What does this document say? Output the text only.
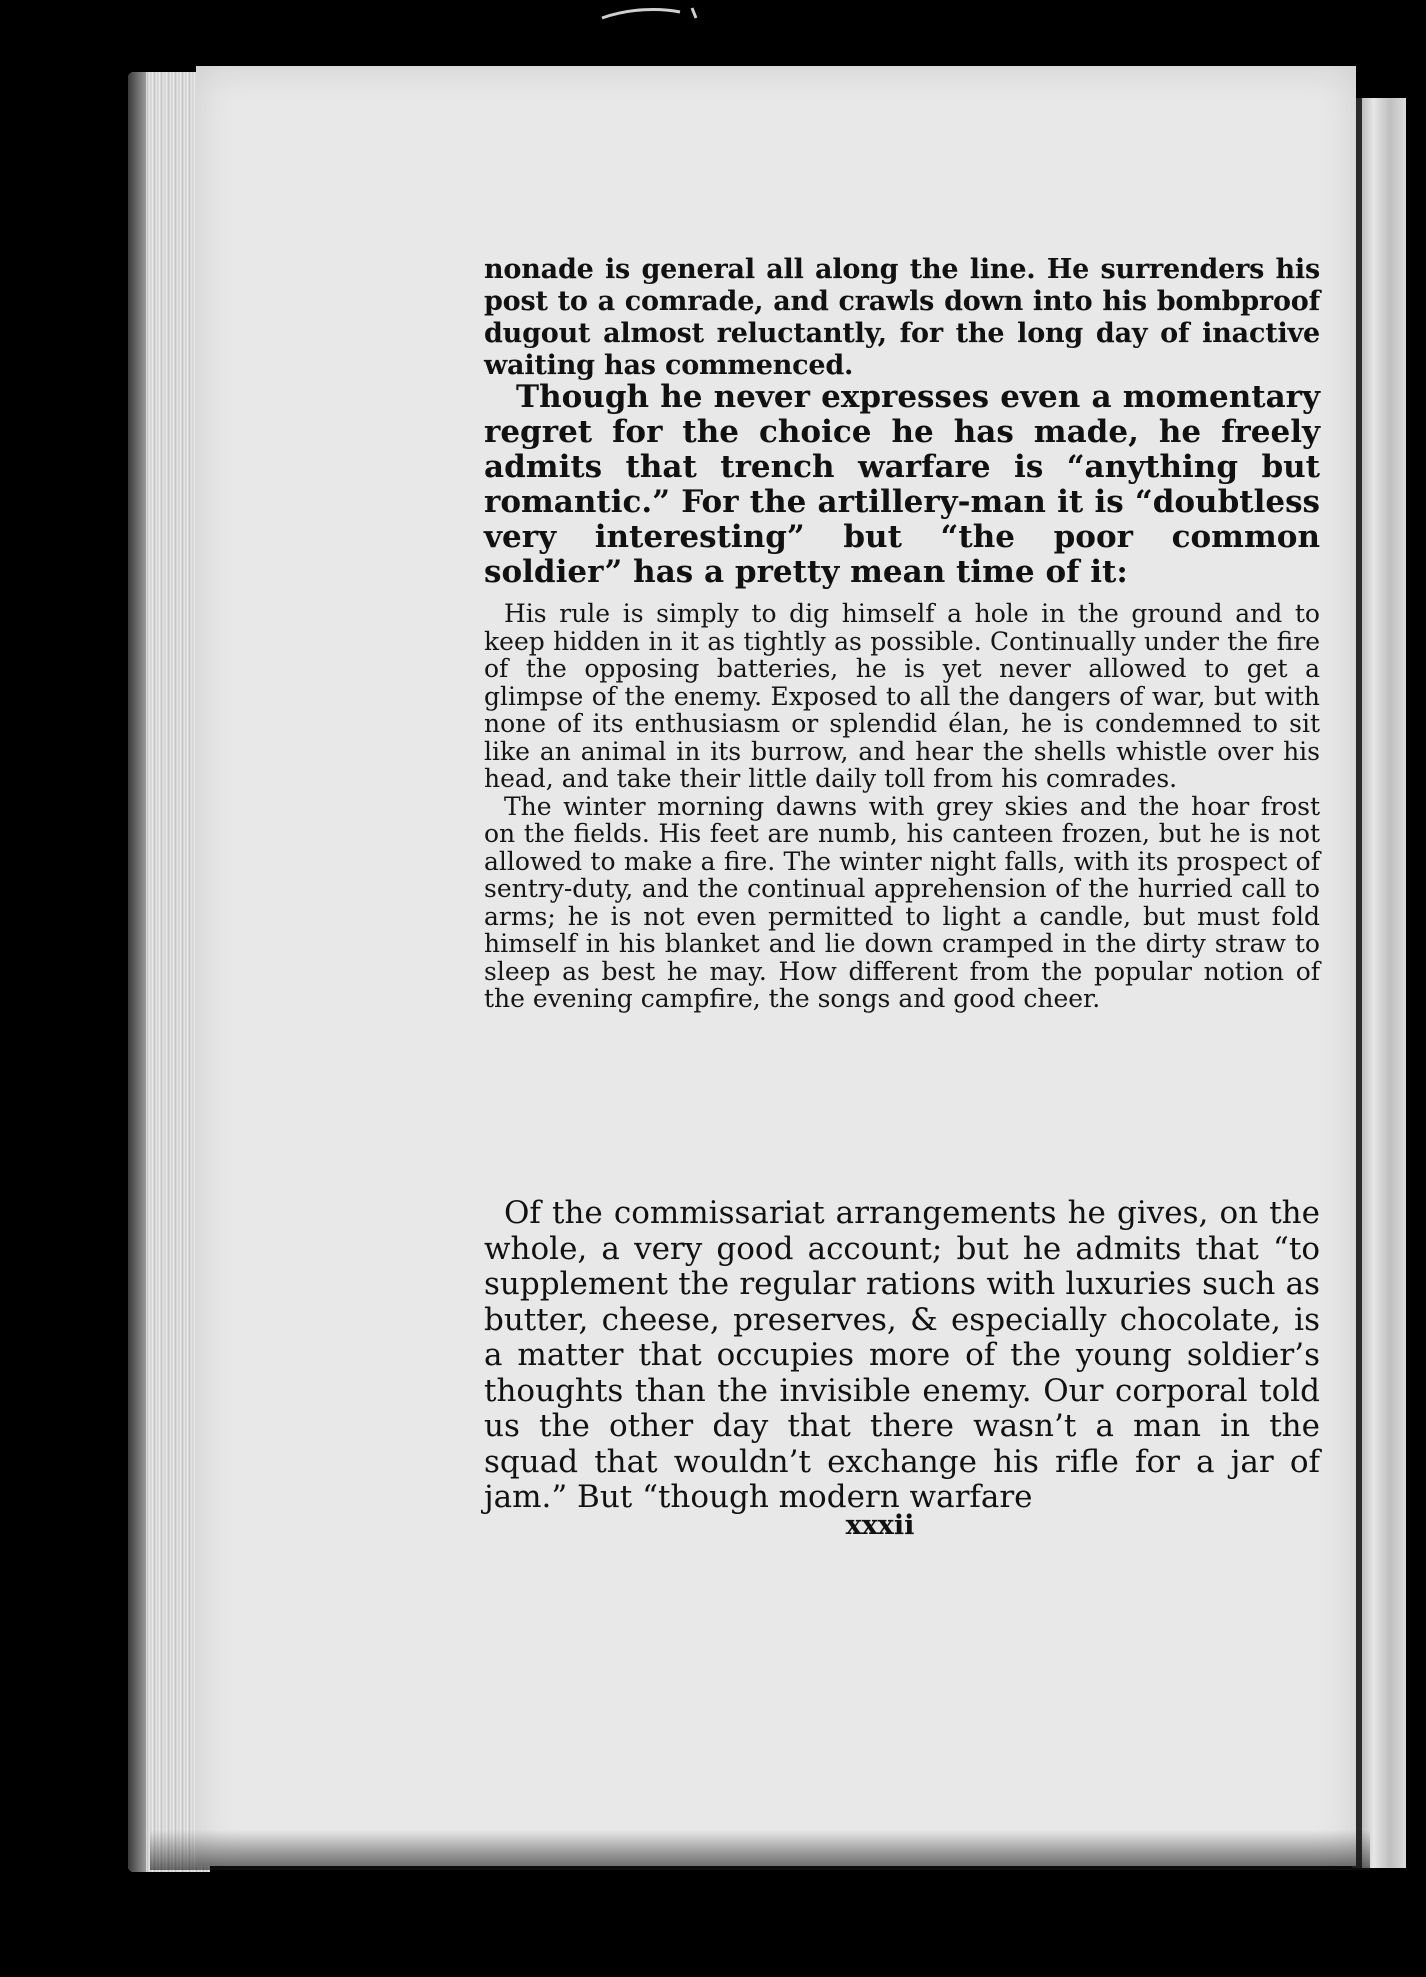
nonade is general all along the line. He surrenders his post to a comrade, and crawls down into his bombproof dugout almost reluctantly, for the long day of inactive waiting has commenced.

Though he never expresses even a momentary regret for the choice he has made, he freely admits that trench warfare is “anything but romantic.” For the artillery-man it is “doubtless very interesting” but “the poor common soldier” has a pretty mean time of it:

His rule is simply to dig himself a hole in the ground and to keep hidden in it as tightly as possible. Continually under the fire of the opposing batteries, he is yet never allowed to get a glimpse of the enemy. Exposed to all the dangers of war, but with none of its enthusiasm or splendid élan, he is condemned to sit like an animal in its burrow, and hear the shells whistle over his head, and take their little daily toll from his comrades.

The winter morning dawns with grey skies and the hoar frost on the fields. His feet are numb, his canteen frozen, but he is not allowed to make a fire. The winter night falls, with its prospect of sentry-duty, and the continual apprehension of the hurried call to arms; he is not even permitted to light a candle, but must fold himself in his blanket and lie down cramped in the dirty straw to sleep as best he may. How different from the popular notion of the evening campfire, the songs and good cheer.

Of the commissariat arrangements he gives, on the whole, a very good account; but he admits that “to supplement the regular rations with luxuries such as butter, cheese, preserves, & especially chocolate, is a matter that occupies more of the young soldier’s thoughts than the invisible enemy. Our corporal told us the other day that there wasn’t a man in the squad that wouldn’t exchange his rifle for a jar of jam.” But “though modern warfare

xxxii
